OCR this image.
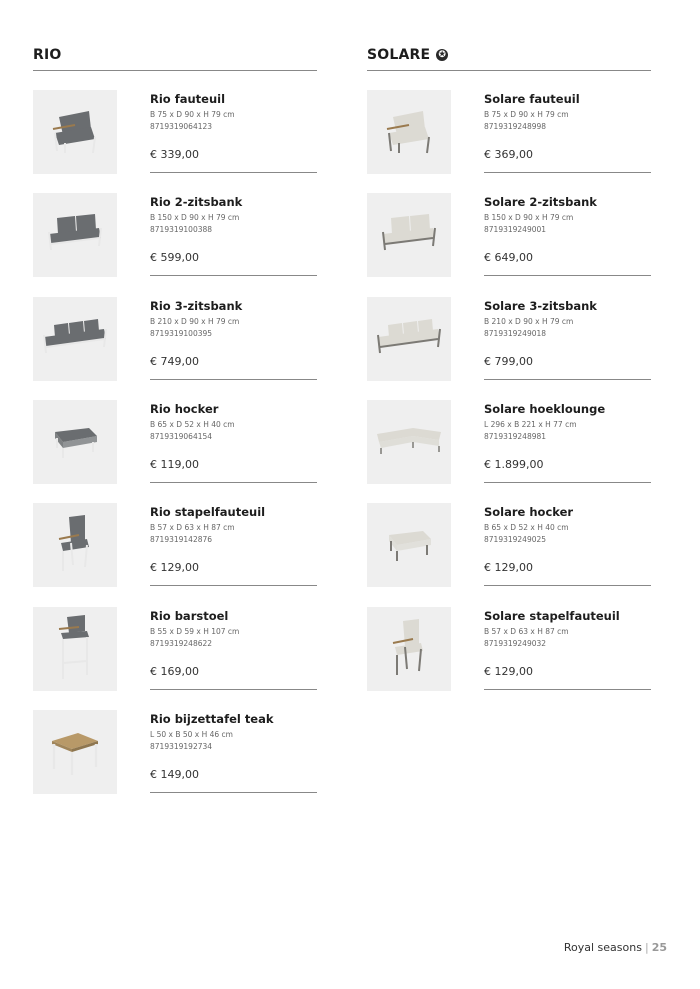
RIO
Rio fauteuil
B 75 x D 90 x H 79 cm
8719319064123
€ 339,00
Rio 2-zitsbank
B 150 x D 90 x H 79 cm
8719319100388
€ 599,00
Rio 3-zitsbank
B 210 x D 90 x H 79 cm
8719319100395
€ 749,00
Rio hocker
B 65 x D 52 x H 40 cm
8719319064154
€ 119,00
Rio stapelfauteuil
B 57 x D 63 x H 87 cm
8719319142876
€ 129,00
Rio barstoel
B 55 x D 59 x H 107 cm
8719319248622
€ 169,00
Rio bijzettafel teak
L 50 x B 50 x H 46 cm
8719319192734
€ 149,00
SOLARE ✪
Solare fauteuil
B 75 x D 90 x H 79 cm
8719319248998
€ 369,00
Solare 2-zitsbank
B 150 x D 90 x H 79 cm
8719319249001
€ 649,00
Solare 3-zitsbank
B 210 x D 90 x H 79 cm
8719319249018
€ 799,00
Solare hoeklounge
L 296 x B 221 x H 77 cm
8719319248981
€ 1.899,00
Solare hocker
B 65 x D 52 x H 40 cm
8719319249025
€ 129,00
Solare stapelfauteuil
B 57 x D 63 x H 87 cm
8719319249032
€ 129,00
Royal seasons | 25
